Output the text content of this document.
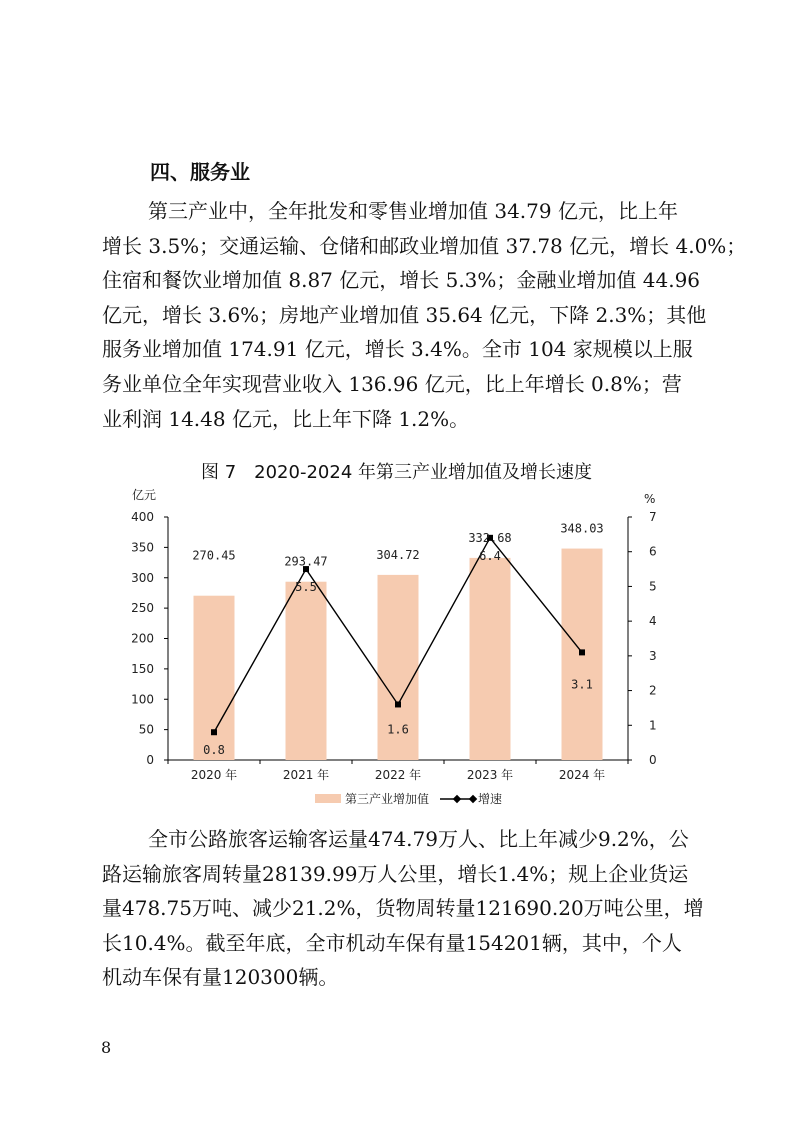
四、服务业

第三产业中，全年批发和零售业增加值 34.79 亿元，比上年
增长 3.5%；交通运输、仓储和邮政业增加值 37.78 亿元，增长 4.0%；
住宿和餐饮业增加值 8.87 亿元，增长 5.3%；金融业增加值 44.96
亿元，增长 3.6%；房地产业增加值 35.64 亿元，下降 2.3%；其他
服务业增加值 174.91 亿元，增长 3.4%。全市 104 家规模以上服
务业单位全年实现营业收入 136.96 亿元，比上年增长 0.8%；营
业利润 14.48 亿元，比上年下降 1.2%。

图 7　2020-2024 年第三产业增加值及增长速度
0
50
100
150
200
250
300
350
400
0
1
2
3
4
5
6
7
亿元	%
2020 年	2021 年	2022 年	2023 年	2024 年
270.45	293.47	304.72
332.68
348.03
0.8
5.5
1.6
6.4
3.1
第三产业增加值	增速

全市公路旅客运输客运量474.79万人、比上年减少9.2%，公
路运输旅客周转量28139.99万人公里，增长1.4%；规上企业货运
量478.75万吨、减少21.2%，货物周转量121690.20万吨公里，增
长10.4%。截至年底，全市机动车保有量154201辆，其中，个人
机动车保有量120300辆。

8
